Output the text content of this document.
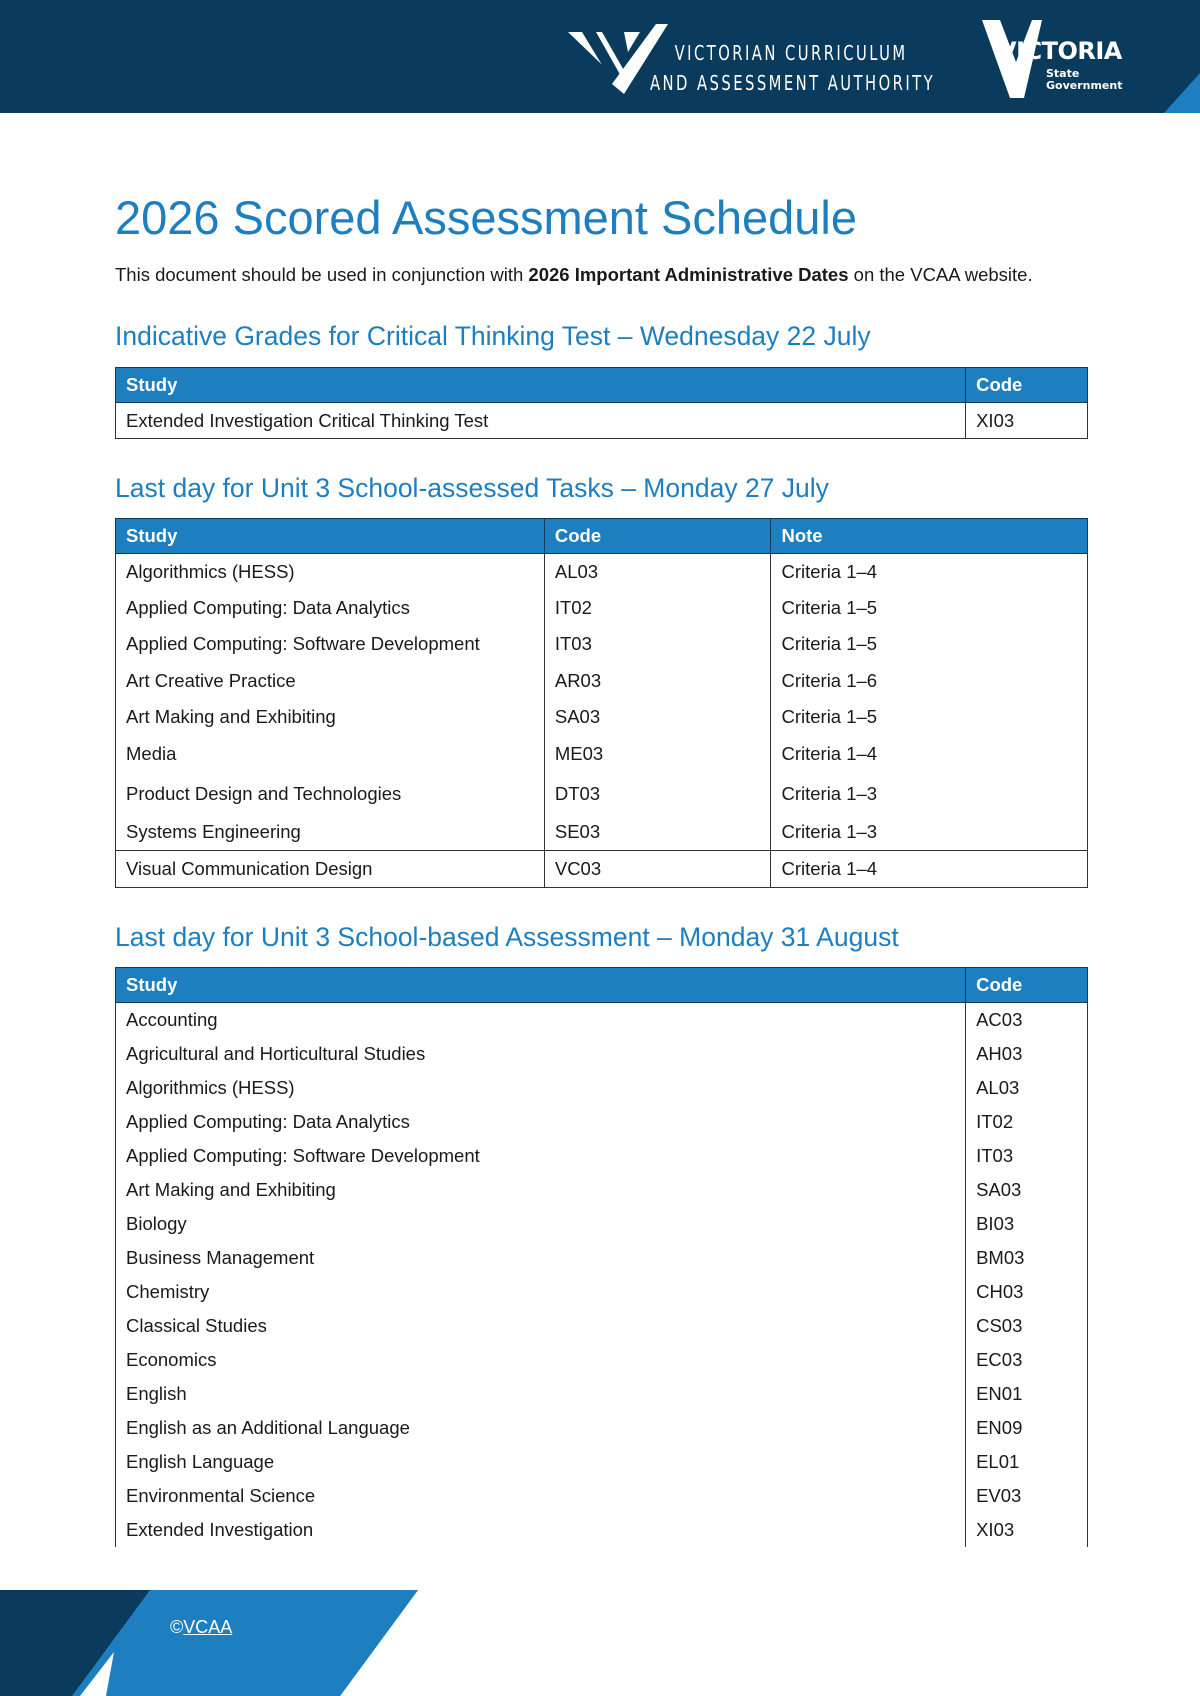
VICTORIAN CURRICULUM
AND ASSESSMENT AUTHORITY
VICTORIA
State
Government
2026 Scored Assessment Schedule

This document should be used in conjunction with 2026 Important Administrative Dates on the VCAA website.

Indicative Grades for Critical Thinking Test – Wednesday 22 July
Study	Code
Extended Investigation Critical Thinking Test	XI03
Last day for Unit 3 School-assessed Tasks – Monday 27 July
Study	Code	Note
Algorithmics (HESS)	AL03	Criteria 1–4
Applied Computing: Data Analytics	IT02	Criteria 1–5
Applied Computing: Software Development	IT03	Criteria 1–5
Art Creative Practice	AR03	Criteria 1–6
Art Making and Exhibiting	SA03	Criteria 1–5
Media	ME03	Criteria 1–4
Product Design and Technologies	DT03	Criteria 1–3
Systems Engineering	SE03	Criteria 1–3
Visual Communication Design	VC03	Criteria 1–4
Last day for Unit 3 School-based Assessment – Monday 31 August
Study	Code
Accounting	AC03
Agricultural and Horticultural Studies	AH03
Algorithmics (HESS)	AL03
Applied Computing: Data Analytics	IT02
Applied Computing: Software Development	IT03
Art Making and Exhibiting	SA03
Biology	BI03
Business Management	BM03
Chemistry	CH03
Classical Studies	CS03
Economics	EC03
English	EN01
English as an Additional Language	EN09
English Language	EL01
Environmental Science	EV03
Extended Investigation	XI03
©VCAA
